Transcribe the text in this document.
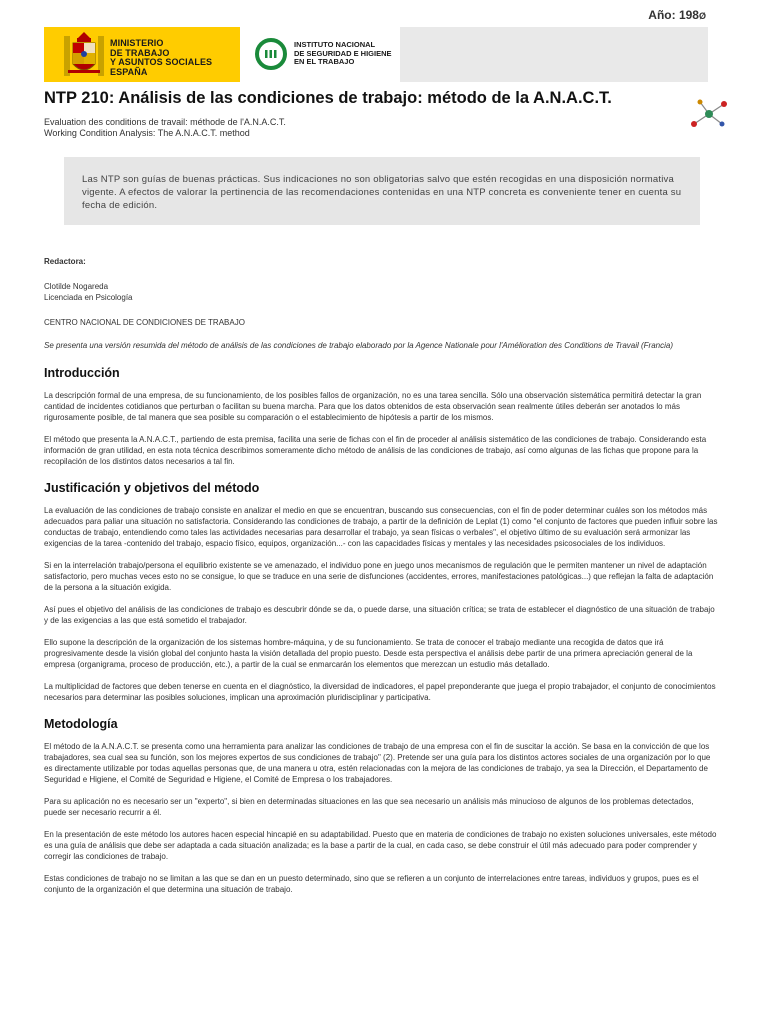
Año: 198Ø
MINISTERIO
DE TRABAJO
Y ASUNTOS SOCIALES
ESPAÑA
INSTITUTO NACIONAL
DE SEGURIDAD E HIGIENE
EN EL TRABAJO
NTP 210: Análisis de las condiciones de trabajo: método de la A.N.A.C.T.
Evaluation des conditions de travail: méthode de l'A.N.A.C.T.
Working Condition Analysis: The A.N.A.C.T. method

Las NTP son guías de buenas prácticas. Sus indicaciones no son obligatorias salvo que estén recogidas en una disposición normativa vigente. A efectos de valorar la pertinencia de las recomendaciones contenidas en una NTP concreta es conveniente tener en cuenta su fecha de edición.

Redactora:

Clotilde Nogareda

Licenciada en Psicología

CENTRO NACIONAL DE CONDICIONES DE TRABAJO

Se presenta una versión resumida del método de análisis de las condiciones de trabajo elaborado por la Agence Nationale pour l'Amélioration des Conditions de Travail (Francia)

Introducción

La descripción formal de una empresa, de su funcionamiento, de los posibles fallos de organización, no es una tarea sencilla. Sólo una observación sistemática permitirá detectar la gran cantidad de incidentes cotidianos que perturban o facilitan su buena marcha. Para que los datos obtenidos de esta observación sean realmente útiles deberán ser anotados lo más rigurosamente posible, de tal manera que sea posible su comparación o el establecimiento de hipótesis a partir de los mismos.

El método que presenta la A.N.A.C.T., partiendo de esta premisa, facilita una serie de fichas con el fin de proceder al análisis sistemático de las condiciones de trabajo. Considerando esta información de gran utilidad, en esta nota técnica describimos someramente dicho método de análisis de las condiciones de trabajo, así como algunas de las fichas que propone para la recopilación de los distintos datos necesarios a tal fin.

Justificación y objetivos del método

La evaluación de las condiciones de trabajo consiste en analizar el medio en que se encuentran, buscando sus consecuencias, con el fin de poder determinar cuáles son los métodos más adecuados para paliar una situación no satisfactoria. Considerando las condiciones de trabajo, a partir de la definición de Leplat (1) como "el conjunto de factores que pueden influir sobre las conductas de trabajo, entendiendo como tales las actividades necesarias para desarrollar el trabajo, ya sean físicas o verbales", el objetivo último de su evaluación será armonizar las exigencias de la tarea -contenido del trabajo, espacio físico, equipos, organización...- con las capacidades físicas y mentales y las necesidades psicosociales de los individuos.

Si en la interrelación trabajo/persona el equilibrio existente se ve amenazado, el individuo pone en juego unos mecanismos de regulación que le permiten mantener un nivel de adaptación satisfactorio, pero muchas veces esto no se consigue, lo que se traduce en una serie de disfunciones (accidentes, errores, manifestaciones patológicas...) que reflejan la falta de adaptación de la persona a la situación exigida.

Así pues el objetivo del análisis de las condiciones de trabajo es descubrir dónde se da, o puede darse, una situación crítica; se trata de establecer el diagnóstico de una situación de trabajo y de las exigencias a las que está sometido el trabajador.

Ello supone la descripción de la organización de los sistemas hombre-máquina, y de su funcionamiento. Se trata de conocer el trabajo mediante una recogida de datos que irá progresivamente desde la visión global del conjunto hasta la visión detallada del propio puesto. Desde esta perspectiva el análisis debe partir de una primera apreciación general de la empresa (organigrama, proceso de producción, etc.), a partir de la cual se enmarcarán los elementos que merezcan un estudio más detallado.

La multiplicidad de factores que deben tenerse en cuenta en el diagnóstico, la diversidad de indicadores, el papel preponderante que juega el propio trabajador, el conjunto de conocimientos necesarios para determinar las posibles soluciones, implican una aproximación pluridisciplinar y participativa.

Metodología

El método de la A.N.A.C.T. se presenta como una herramienta para analizar las condiciones de trabajo de una empresa con el fin de suscitar la acción. Se basa en la convicción de que los trabajadores, sea cual sea su función, son los mejores expertos de sus condiciones de trabajo" (2). Pretende ser una guía para los distintos actores sociales de una organización por lo que es directamente utilizable por todas aquellas personas que, de una manera u otra, estén relacionadas con la mejora de las condiciones de trabajo, ya sea la Dirección, el Departamento de Seguridad e Higiene, el Comité de Seguridad e Higiene, el Comité de Empresa o los trabajadores.

Para su aplicación no es necesario ser un "experto", si bien en determinadas situaciones en las que sea necesario un análisis más minucioso de algunos de los problemas detectados, puede ser necesario recurrir a él.

En la presentación de este método los autores hacen especial hincapié en su adaptabilidad. Puesto que en materia de condiciones de trabajo no existen soluciones universales, este método es una guía de análisis que debe ser adaptada a cada situación analizada; es la base a partir de la cual, en cada caso, se debe construir el útil más adecuado para poder comprender y corregir las condiciones de trabajo.

Estas condiciones de trabajo no se limitan a las que se dan en un puesto determinado, sino que se refieren a un conjunto de interrelaciones entre tareas, individuos y grupos, pues es el conjunto de la organización el que determina una situación de trabajo.
